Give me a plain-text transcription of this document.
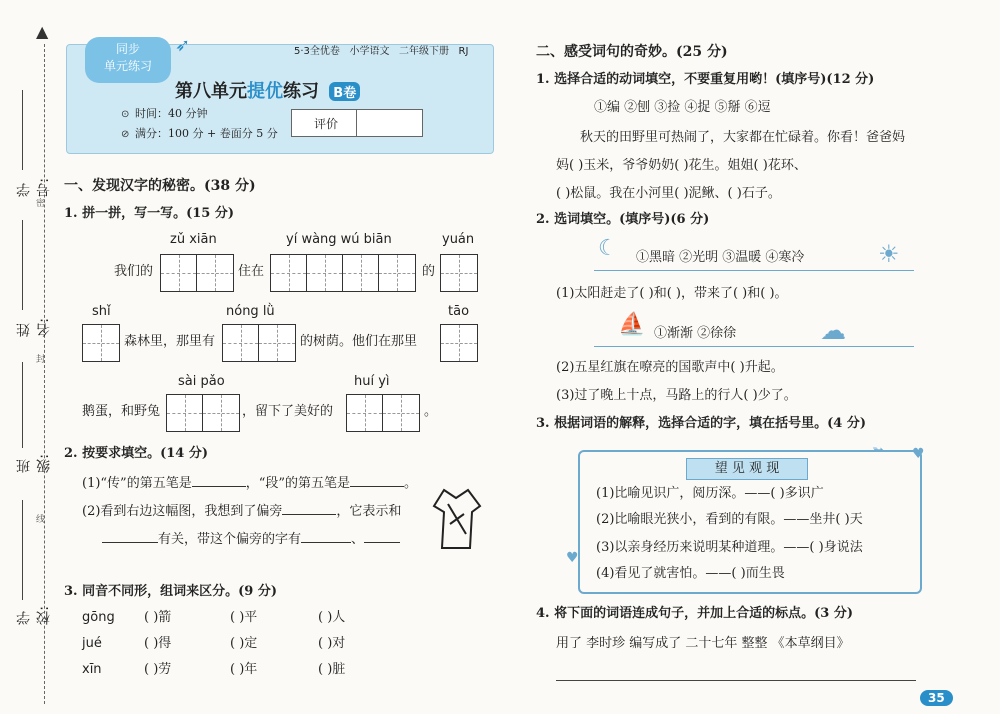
▲
学号:
密
姓名:
封
班级:
线
学校:
同步
单元练习
➶
第八单元提优练习 B卷
⊙ 时间：40 分钟
⊘ 满分：100 分 + 卷面分 5 分
评价
5·3全优卷 小学语文 二年级下册 RJ
一、发现汉字的秘密。(38 分)
1. 拼一拼，写一写。(15 分)
zǔ xiān	yí wàng wú biān	yuán
我们的	住在	的
shǐ	nóng lǜ	tāo
森林里，那里有	的树荫。他们在那里
sài pǎo	huí yì
鹅蛋，和野兔	，留下了美好的	。
2. 按要求填空。(14 分)
(1)“传”的第五笔是	，“段”的第五笔是	。
(2)看到右边这幅图，我想到了偏旁	，它表示和
有关，带这个偏旁的字有	、
3. 同音不同形，组词来区分。(9 分)
gōng ( )箭	( )平	( )人
jué	( )得	( )定	( )对
xīn	( )劳	( )年	( )脏
二、感受词句的奇妙。(25 分)
1. 选择合适的动词填空，不要重复用哟！(填序号)(12 分)
①编 ②刨 ③捡 ④捉 ⑤掰 ⑥逗
秋天的田野里可热闹了，大家都在忙碌着。你看！爸爸妈
妈( )玉米，爷爷奶奶( )花生。姐姐( )花环、
( )松鼠。我在小河里( )泥鳅、( )石子。
2. 选词填空。(填序号)(6 分)
☾ ①黑暗 ②光明 ③温暖 ④寒冷	☀
(1)太阳赶走了( )和( )，带来了( )和( )。
⛵ ①渐渐 ②徐徐	☁
(2)五星红旗在嘹亮的国歌声中( )升起。
(3)过了晚上十点，马路上的行人( )少了。
3. 根据词语的解释，选择合适的字，填在括号里。(4 分)
➳ ♥
望 见 观 现
(1)比喻见识广，阅历深。——( )多识广
(2)比喻眼光狭小，看到的有限。——坐井( )天
(3)以亲身经历来说明某种道理。——( )身说法
(4)看见了就害怕。——( )而生畏
♥
4. 将下面的词语连成句子，并加上合适的标点。(3 分)
用了 李时珍 编写成了 二十七年 整整 《本草纲目》
35
